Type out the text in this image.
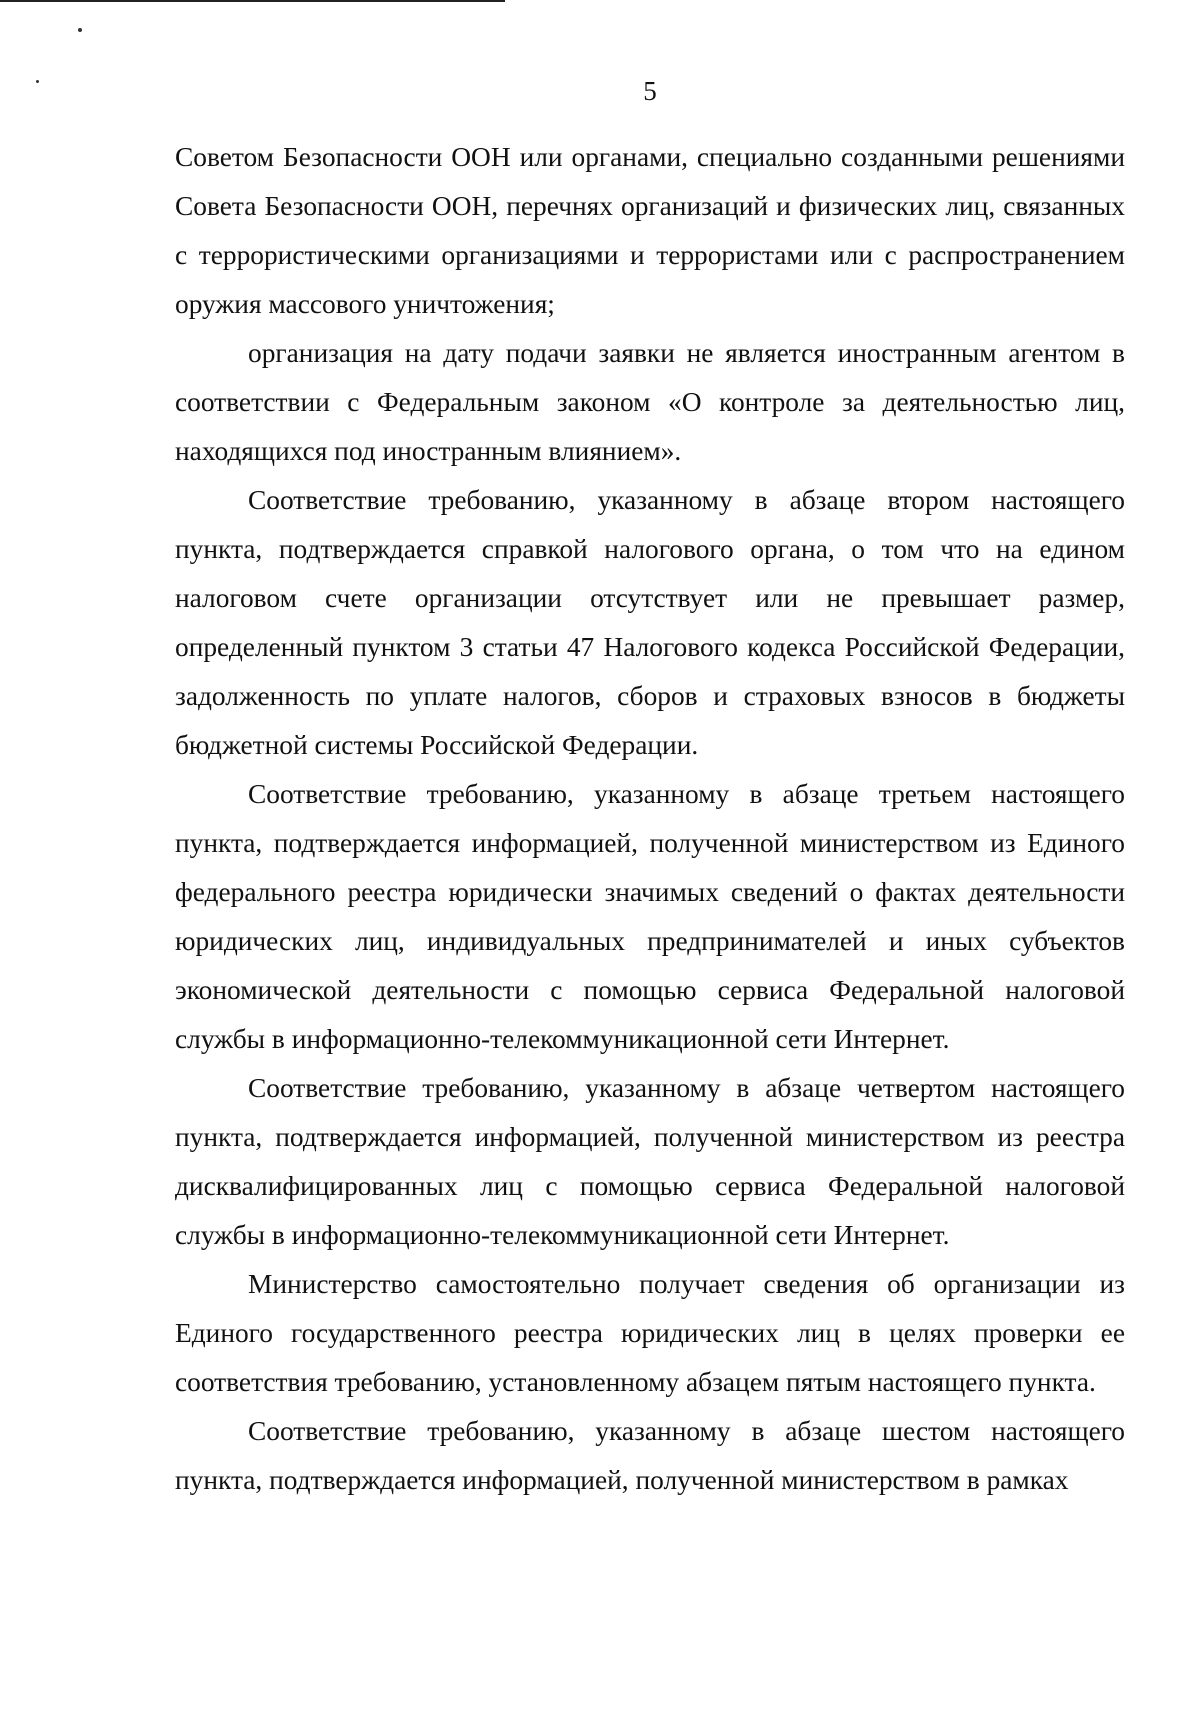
5

Советом Безопасности ООН или органами, специально созданными решениями Совета Безопасности ООН, перечнях организаций и физических лиц, связанных с террористическими организациями и террористами или с распространением оружия массового уничтожения;

организация на дату подачи заявки не является иностранным агентом в соответствии с Федеральным законом «О контроле за деятельностью лиц, находящихся под иностранным влиянием».

Соответствие требованию, указанному в абзаце втором настоящего пункта, подтверждается справкой налогового органа, о том что на едином налоговом счете организации отсутствует или не превышает размер, определенный пунктом 3 статьи 47 Налогового кодекса Российской Федерации, задолженность по уплате налогов, сборов и страховых взносов в бюджеты бюджетной системы Российской Федерации.

Соответствие требованию, указанному в абзаце третьем настоящего пункта, подтверждается информацией, полученной министерством из Единого федерального реестра юридически значимых сведений о фактах деятельности юридических лиц, индивидуальных предпринимателей и иных субъектов экономической деятельности с помощью сервиса Федеральной налоговой службы в информационно-телекоммуникационной сети Интернет.

Соответствие требованию, указанному в абзаце четвертом настоящего пункта, подтверждается информацией, полученной министерством из реестра дисквалифицированных лиц с помощью сервиса Федеральной налоговой службы в информационно-телекоммуникационной сети Интернет.

Министерство самостоятельно получает сведения об организации из Единого государственного реестра юридических лиц в целях проверки ее соответствия требованию, установленному абзацем пятым настоящего пункта.

Соответствие требованию, указанному в абзаце шестом настоящего пункта, подтверждается информацией, полученной министерством в рамках
